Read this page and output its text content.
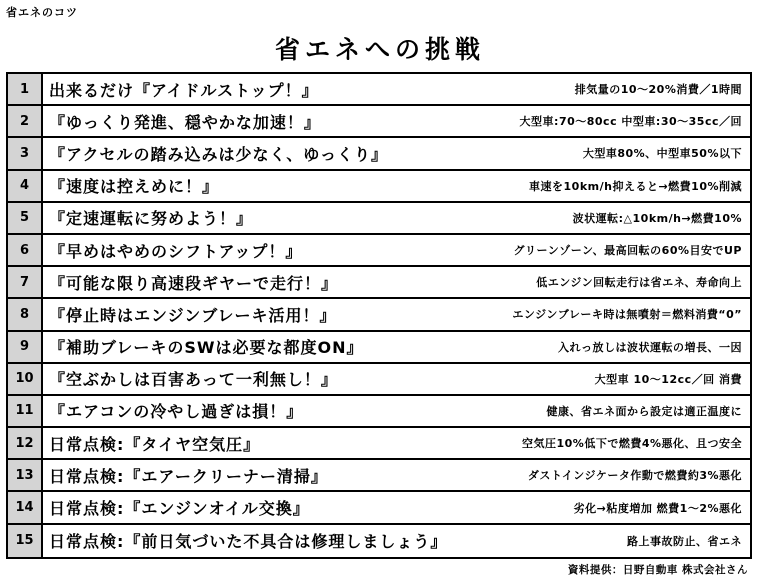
省エネのコツ
省エネへの挑戦
1	出来るだけ『アイドルストップ！』	排気量の10～20%消費／1時間
2	『ゆっくり発進、穏やかな加速！』	大型車:70～80cc 中型車:30～35cc／回
3	『アクセルの踏み込みは少なく、ゆっくり』	大型車80%、中型車50%以下
4	『速度は控えめに！』	車速を10km/h抑えると→燃費10%削減
5	『定速運転に努めよう！』	波状運転:△10km/h→燃費10%
6	『早めはやめのシフトアップ！』	グリーンゾーン、最高回転の60%目安でUP
7	『可能な限り高速段ギヤーで走行！』	低エンジン回転走行は省エネ、寿命向上
8	『停止時はエンジンブレーキ活用！』	エンジンブレーキ時は無噴射＝燃料消費“0”
9	『補助ブレーキのSWは必要な都度ON』	入れっ放しは波状運転の増長、一因
10 『空ぶかしは百害あって一利無し！』	大型車 10～12cc／回 消費
11 『エアコンの冷やし過ぎは損！』	健康、省エネ面から設定は適正温度に
12 日常点検:『タイヤ空気圧』	空気圧10%低下で燃費4%悪化、且つ安全
13 日常点検:『エアークリーナー清掃』	ダストインジケータ作動で燃費約3%悪化
14 日常点検:『エンジンオイル交換』	劣化→粘度増加 燃費1～2%悪化
15 日常点検:『前日気づいた不具合は修理しましょう』	路上事故防止、省エネ
資料提供：日野自動車 株式会社さん
